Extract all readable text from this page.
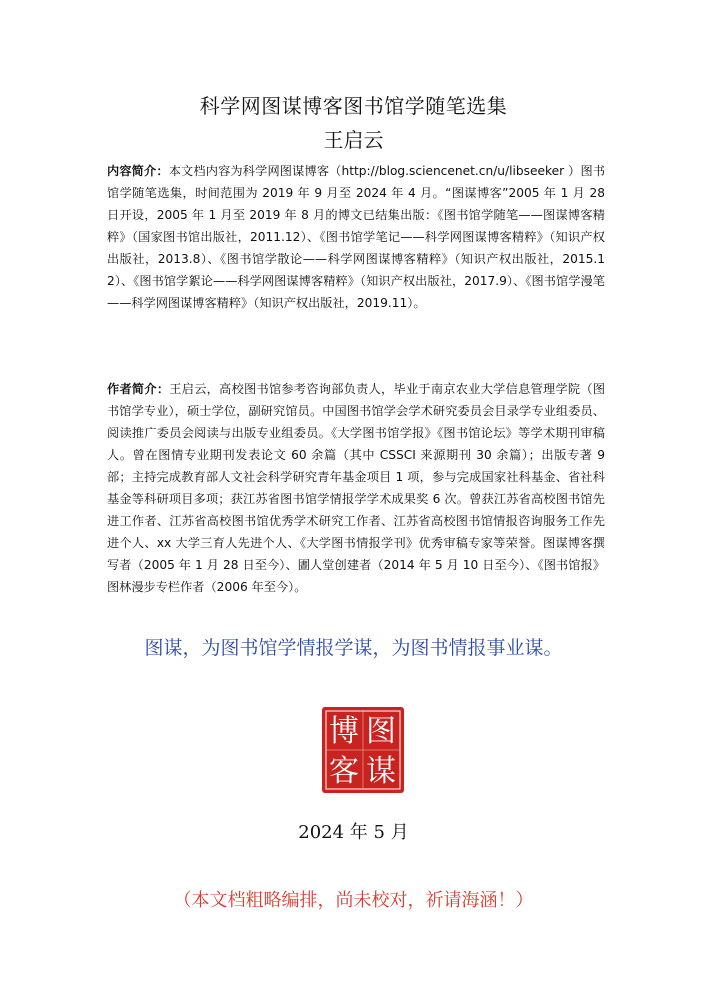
科学网图谋博客图书馆学随笔选集
王启云
内容简介：本文档内容为科学网图谋博客（http://blog.sciencenet.cn/u/libseeker ）图书馆学随笔选集，时间范围为 2019 年 9 月至 2024 年 4 月。“图谋博客”2005 年 1 月 28 日开设，2005 年 1 月至 2019 年 8 月的博文已结集出版：《图书馆学随笔——图谋博客精粹》（国家图书馆出版社，2011.12）、《图书馆学笔记——科学网图谋博客精粹》（知识产权出版社，2013.8）、《图书馆学散论——科学网图谋博客精粹》（知识产权出版社，2015.12）、《图书馆学絮论——科学网图谋博客精粹》（知识产权出版社，2017.9）、《图书馆学漫笔——科学网图谋博客精粹》（知识产权出版社，2019.11）。
作者简介：王启云，高校图书馆参考咨询部负责人，毕业于南京农业大学信息管理学院（图书馆学专业），硕士学位，副研究馆员。中国图书馆学会学术研究委员会目录学专业组委员、阅读推广委员会阅读与出版专业组委员。《大学图书馆学报》《图书馆论坛》等学术期刊审稿人。曾在图情专业期刊发表论文 60 余篇（其中 CSSCI 来源期刊 30 余篇）；出版专著 9 部；主持完成教育部人文社会科学研究青年基金项目 1 项，参与完成国家社科基金、省社科基金等科研项目多项；获江苏省图书馆学情报学学术成果奖 6 次。曾获江苏省高校图书馆先进工作者、江苏省高校图书馆优秀学术研究工作者、江苏省高校图书馆情报咨询服务工作先进个人、xx 大学三育人先进个人、《大学图书情报学刊》优秀审稿专家等荣誉。图谋博客撰写者（2005 年 1 月 28 日至今）、圕人堂创建者（2014 年 5 月 10 日至今）、《图书馆报》图林漫步专栏作者（2006 年至今）。
图谋，为图书馆学情报学谋，为图书情报事业谋。
图
谋
博
客
2024 年 5 月
（本文档粗略编排，尚未校对，祈请海涵！）
